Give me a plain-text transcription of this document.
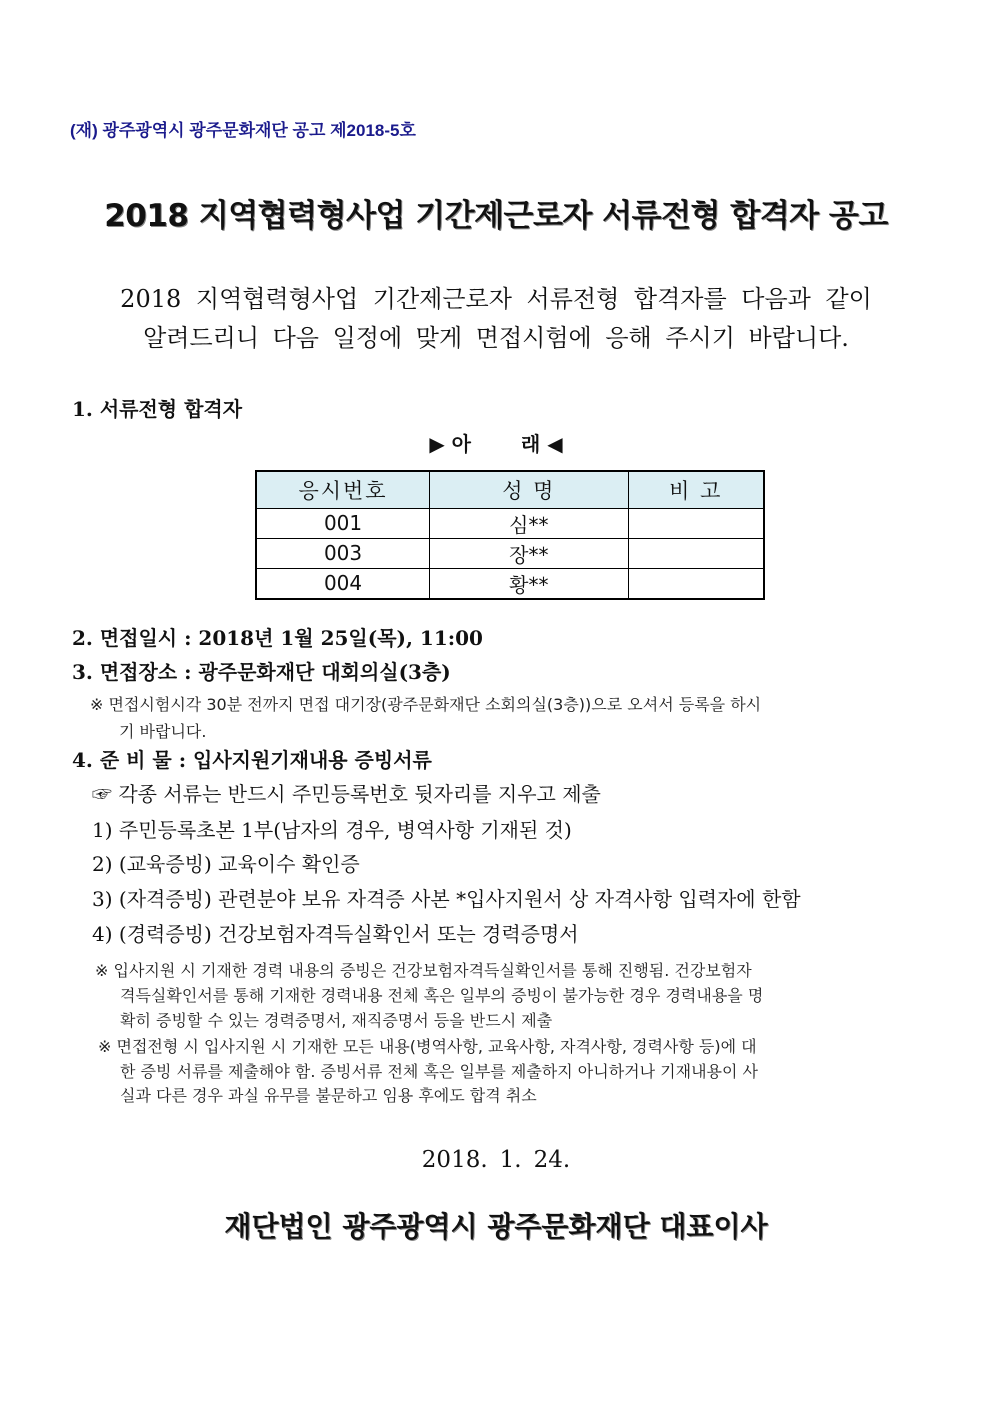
(재) 광주광역시 광주문화재단 공고 제2018-5호
2018 지역협력형사업 기간제근로자 서류전형 합격자 공고
2018 지역협력형사업 기간제근로자 서류전형 합격자를 다음과 같이
알려드리니 다음 일정에 맞게 면접시험에 응해 주시기 바랍니다.
1. 서류전형 합격자
▶ 아	래 ◀
응시번호	성 명	비 고
001	심**	
003	장**	
004	황**	
2. 면접일시 : 2018년 1월 25일(목), 11:00
3. 면접장소 : 광주문화재단 대회의실(3층)
※ 면접시험시각 30분 전까지 면접 대기장(광주문화재단 소회의실(3층))으로 오셔서 등록을 하시
기 바랍니다.
4. 준 비 물 : 입사지원기재내용 증빙서류
☞ 각종 서류는 반드시 주민등록번호 뒷자리를 지우고 제출
1) 주민등록초본 1부(남자의 경우, 병역사항 기재된 것)
2) (교육증빙) 교육이수 확인증
3) (자격증빙) 관련분야 보유 자격증 사본 *입사지원서 상 자격사항 입력자에 한함
4) (경력증빙) 건강보험자격득실확인서 또는 경력증명서
※ 입사지원 시 기재한 경력 내용의 증빙은 건강보험자격득실확인서를 통해 진행됨. 건강보험자
격득실확인서를 통해 기재한 경력내용 전체 혹은 일부의 증빙이 불가능한 경우 경력내용을 명
확히 증빙할 수 있는 경력증명서, 재직증명서 등을 반드시 제출
※ 면접전형 시 입사지원 시 기재한 모든 내용(병역사항, 교육사항, 자격사항, 경력사항 등)에 대
한 증빙 서류를 제출해야 함. 증빙서류 전체 혹은 일부를 제출하지 아니하거나 기재내용이 사
실과 다른 경우 과실 유무를 불문하고 임용 후에도 합격 취소
2018. 1. 24.
재단법인 광주광역시 광주문화재단 대표이사
